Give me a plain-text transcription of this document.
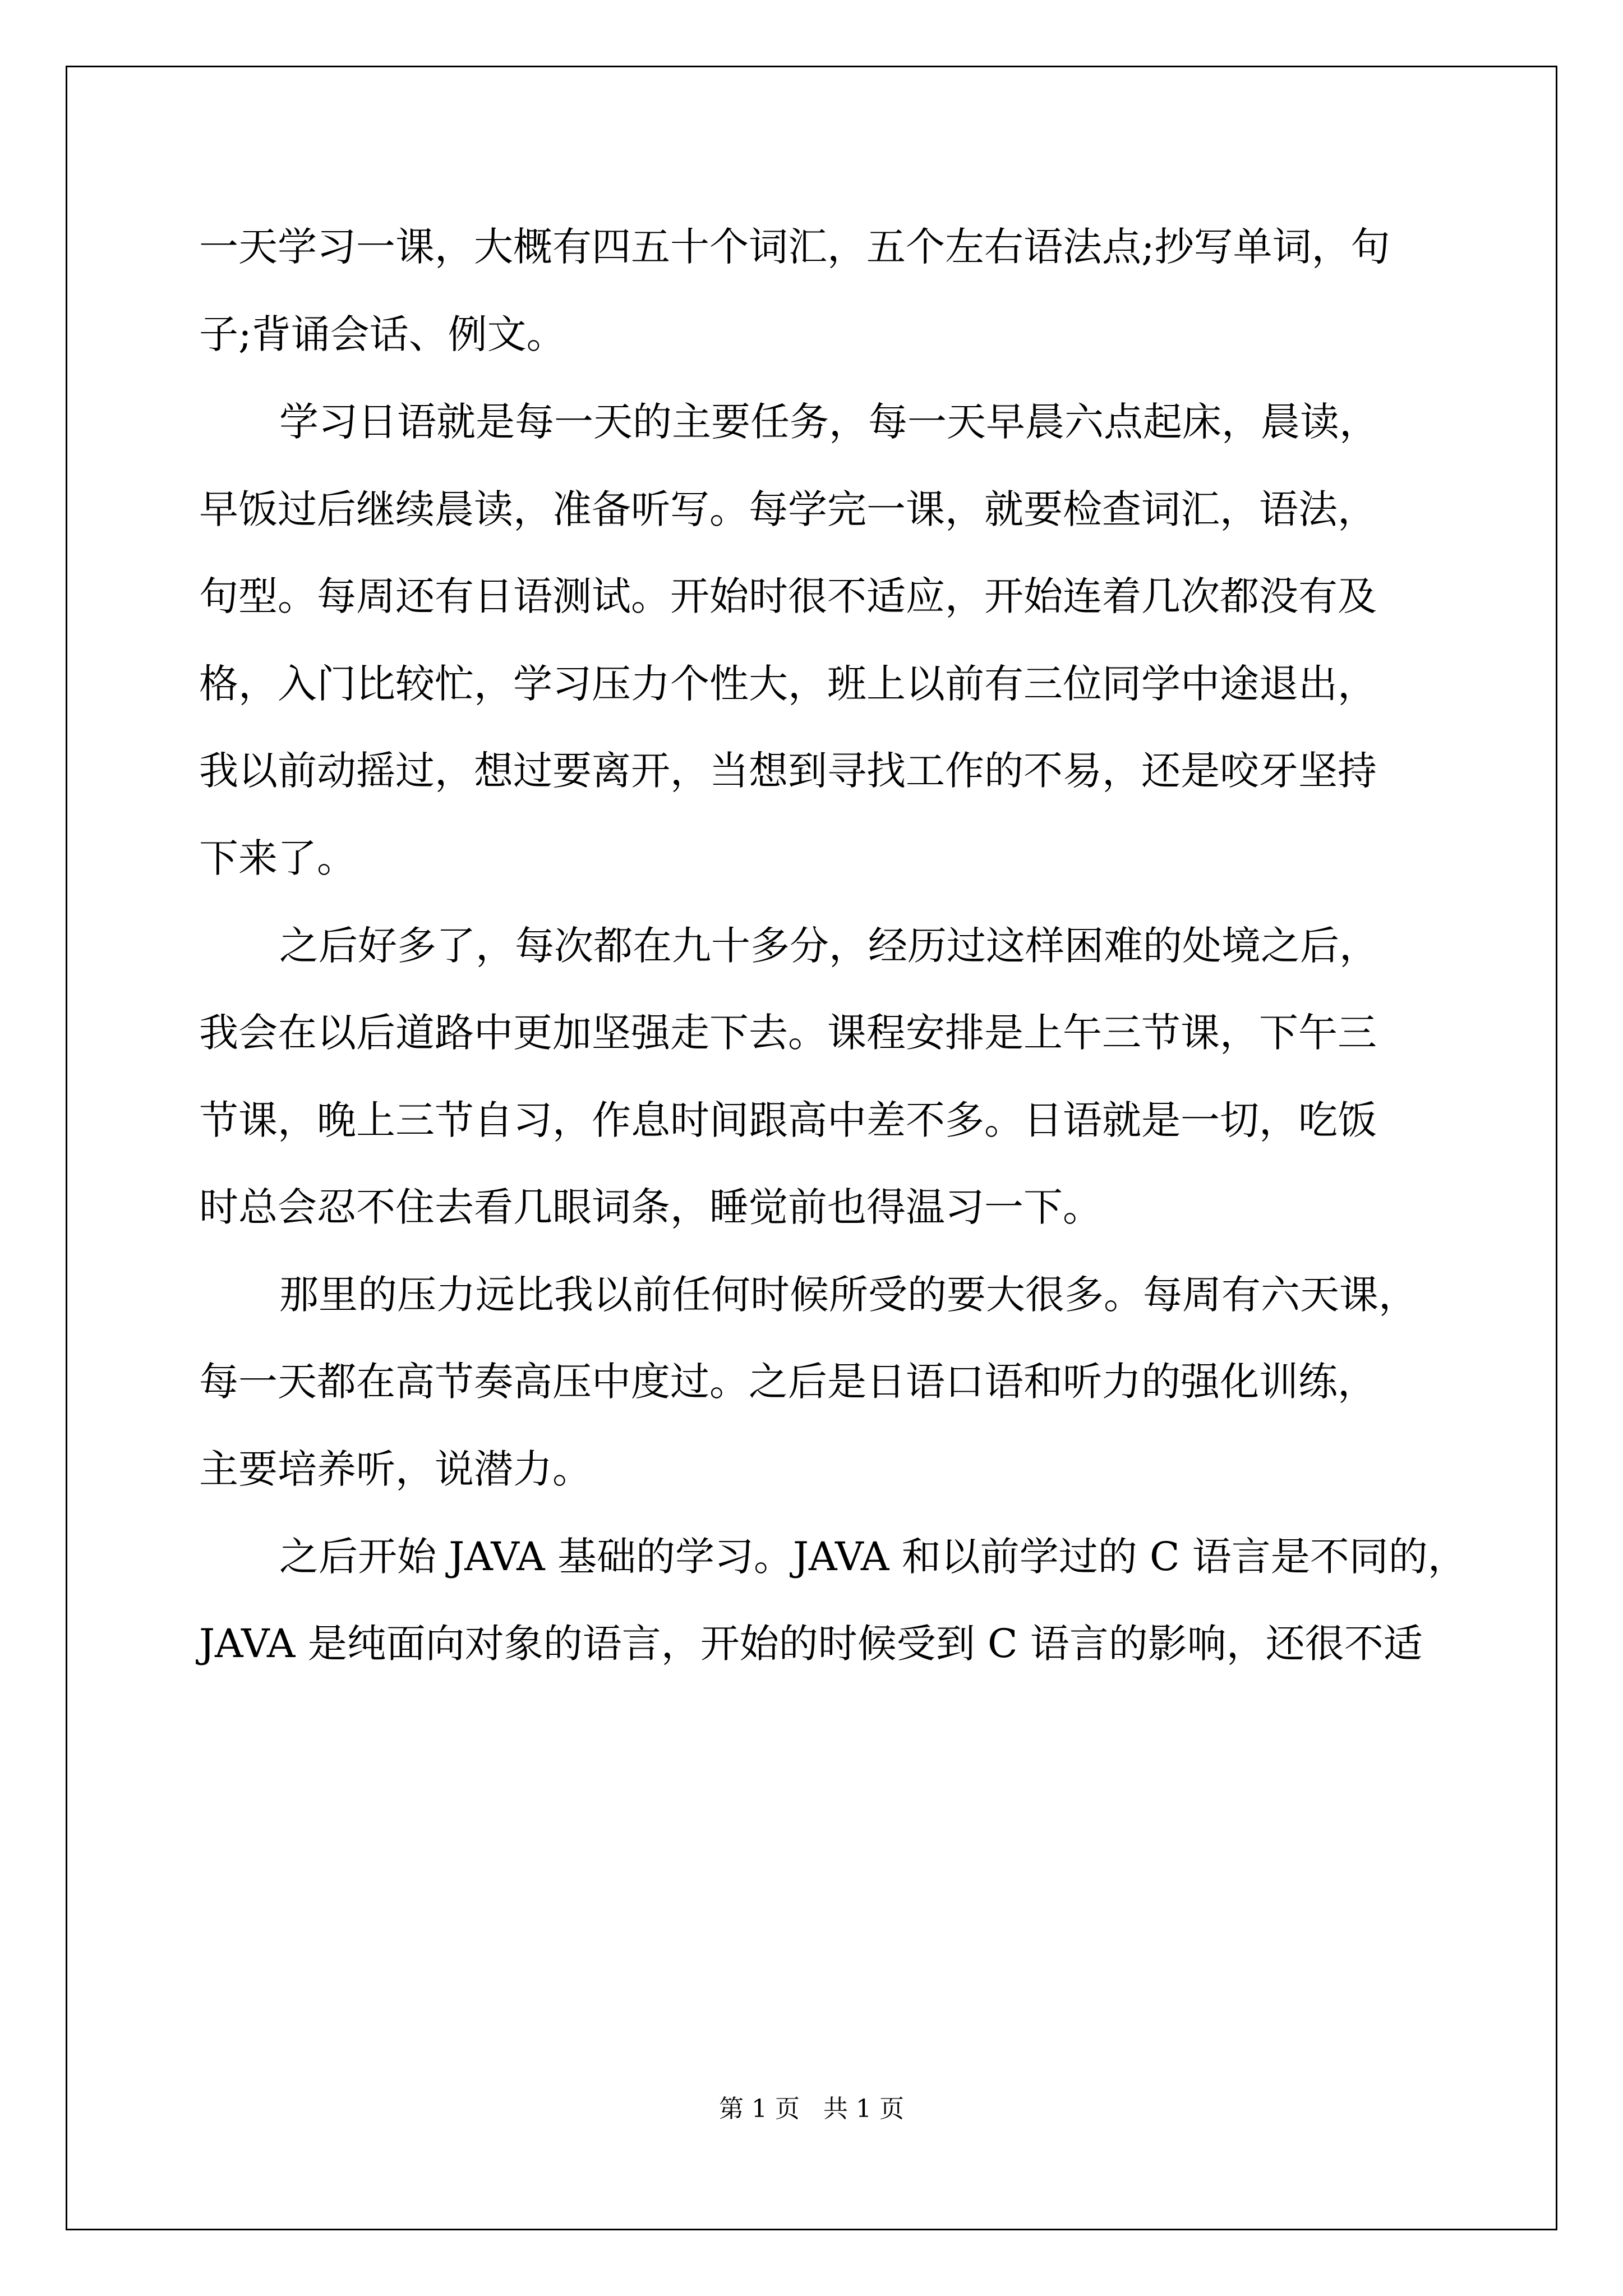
一天学习一课，大概有四五十个词汇，五个左右语法点;抄写单词，句
子;背诵会话、例文。
学习日语就是每一天的主要任务，每一天早晨六点起床，晨读，
早饭过后继续晨读，准备听写。每学完一课，就要检查词汇，语法，
句型。每周还有日语测试。开始时很不适应，开始连着几次都没有及
格，入门比较忙，学习压力个性大，班上以前有三位同学中途退出，
我以前动摇过，想过要离开，当想到寻找工作的不易，还是咬牙坚持
下来了。
之后好多了，每次都在九十多分，经历过这样困难的处境之后，
我会在以后道路中更加坚强走下去。课程安排是上午三节课，下午三
节课，晚上三节自习，作息时间跟高中差不多。日语就是一切，吃饭
时总会忍不住去看几眼词条，睡觉前也得温习一下。
那里的压力远比我以前任何时候所受的要大很多。每周有六天课，
每一天都在高节奏高压中度过。之后是日语口语和听力的强化训练，
主要培养听，说潜力。
之后开始 JAVA 基础的学习。JAVA 和以前学过的 C 语言是不同的，
JAVA 是纯面向对象的语言，开始的时候受到 C 语言的影响，还很不适
第 1 页   共 1 页
